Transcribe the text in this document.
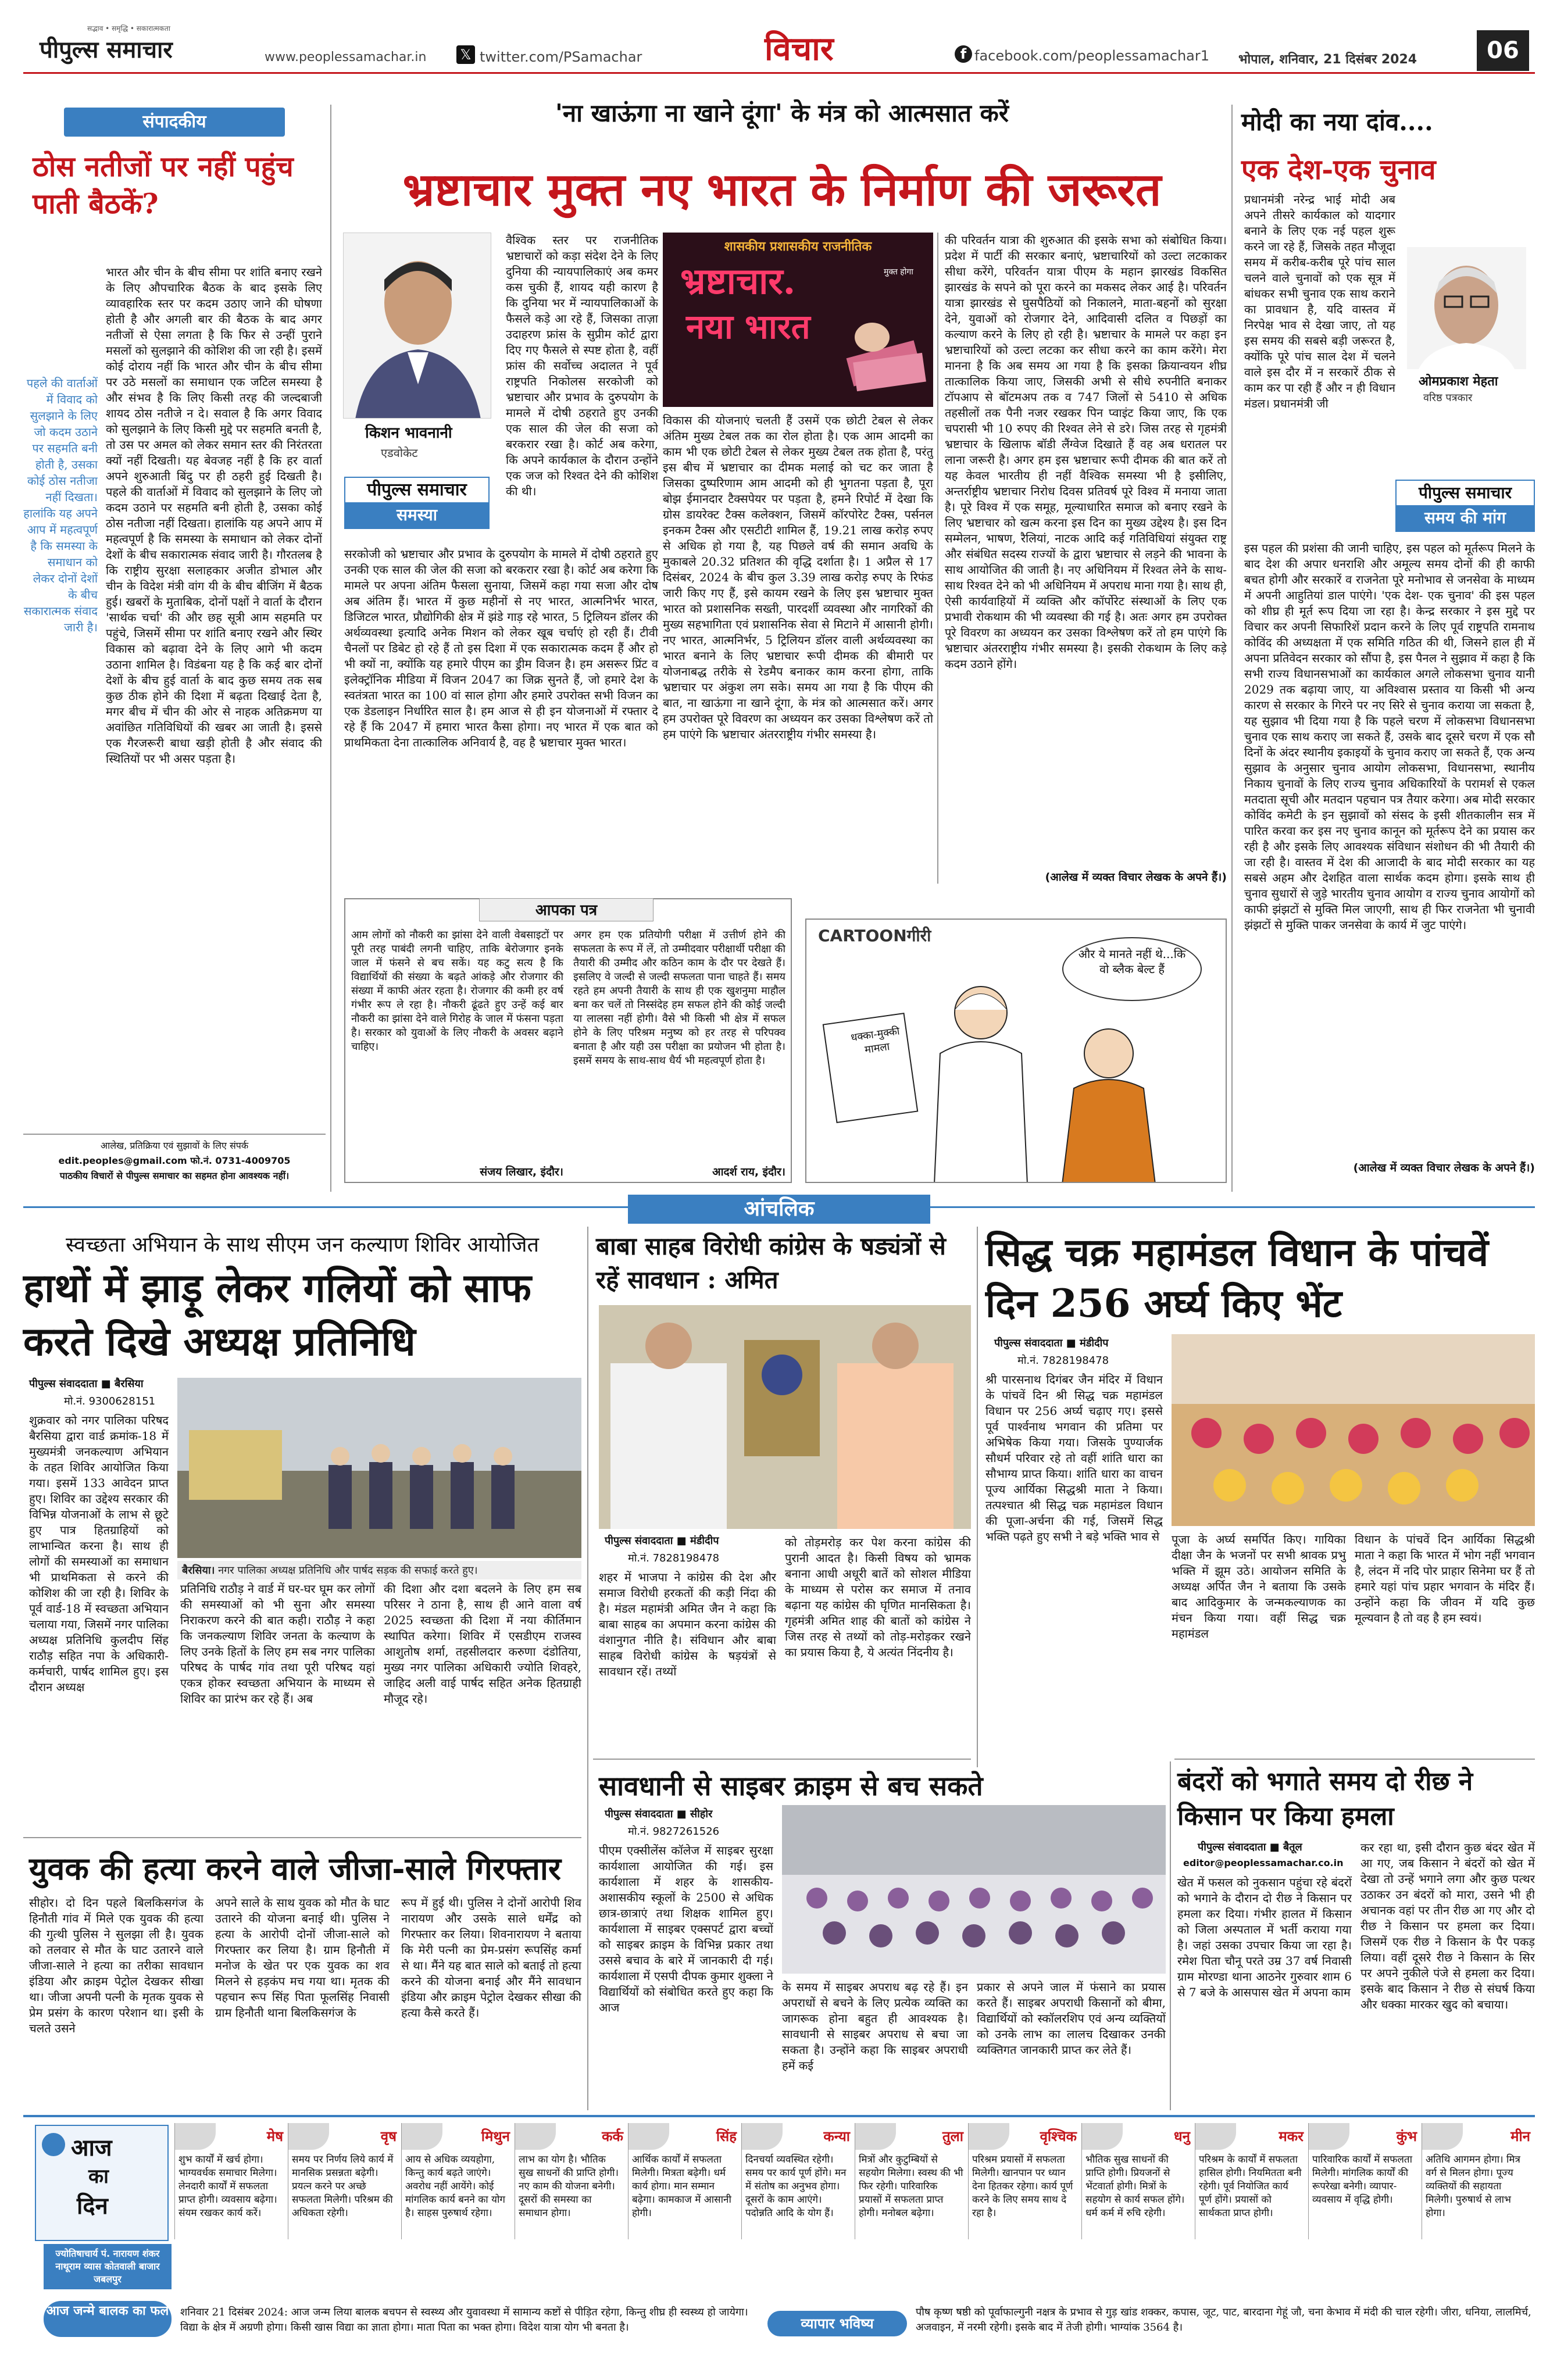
पीपुल्स समाचार
सद्भाव • समृद्धि • सकारात्मकता
www.peoplessamachar.in 𝕏 twitter.com/PSamachar	विचार	f facebook.com/peoplessamachar1 भोपाल, शनिवार, 21 दिसंबर 2024	06
संपादकीय
ठोस नतीजों पर नहीं पहुंच पाती बैठकें?
पहले की वार्ताओं में विवाद को सुलझाने के लिए जो कदम उठाने पर सहमति बनी होती है, उसका कोई ठोस नतीजा नहीं दिखता। हालांकि यह अपने आप में महत्वपूर्ण है कि समस्या के समाधान को लेकर दोनों देशों के बीच सकारात्मक संवाद जारी है।
भारत और चीन के बीच सीमा पर शांति बनाए रखने के लिए औपचारिक बैठक के बाद इसके लिए व्यावहारिक स्तर पर कदम उठाए जाने की घोषणा होती है और अगली बार की बैठक के बाद अगर नतीजों से ऐसा लगता है कि फिर से उन्हीं पुराने मसलों को सुलझाने की कोशिश की जा रही है। इसमें कोई दोराय नहीं कि भारत और चीन के बीच सीमा पर उठे मसलों का समाधान एक जटिल समस्या है और संभव है कि लिए किसी तरह की जल्दबाजी शायद ठोस नतीजे न दे। सवाल है कि अगर विवाद को सुलझाने के लिए किसी मुद्दे पर सहमति बनती है, तो उस पर अमल को लेकर समान स्तर की निरंतरता क्यों नहीं दिखती। यह बेवजह नहीं है कि हर वार्ता अपने शुरुआती बिंदु पर ही ठहरी हुई दिखती है। पहले की वार्ताओं में विवाद को सुलझाने के लिए जो कदम उठाने पर सहमति बनी होती है, उसका कोई ठोस नतीजा नहीं दिखता। हालांकि यह अपने आप में महत्वपूर्ण है कि समस्या के समाधान को लेकर दोनों देशों के बीच सकारात्मक संवाद जारी है। गौरतलब है कि राष्ट्रीय सुरक्षा सलाहकार अजीत डोभाल और चीन के विदेश मंत्री वांग यी के बीच बीजिंग में बैठक हुई। खबरों के मुताबिक, दोनों पक्षों ने वार्ता के दौरान 'सार्थक चर्चा' की और छह सूत्री आम सहमति पर पहुंचे, जिसमें सीमा पर शांति बनाए रखने और स्थिर विकास को बढ़ावा देने के लिए आगे भी कदम उठाना शामिल है। विडंबना यह है कि कई बार दोनों देशों के बीच हुई वार्ता के बाद कुछ समय तक सब कुछ ठीक होने की दिशा में बढ़ता दिखाई देता है, मगर बीच में चीन की ओर से नाहक अतिक्रमण या अवांछित गतिविधियों की खबर आ जाती है। इससे एक गैरजरूरी बाधा खड़ी होती है और संवाद की स्थितियों पर भी असर पड़ता है।
आलेख, प्रतिक्रिया एवं सुझावों के लिए संपर्क
edit.peoples@gmail.com फो.नं. 0731-4009705
पाठकीय विचारों से पीपुल्स समाचार का सहमत होना आवश्यक नहीं।
'ना खाऊंगा ना खाने दूंगा' के मंत्र को आत्मसात करें
भ्रष्टाचार मुक्त नए भारत के निर्माण की जरूरत
किशन भावनानी
एडवोकेट
पीपुल्स समाचार
समस्या
वैश्विक स्तर पर राजनीतिक भ्रष्टाचारों को कड़ा संदेश देने के लिए दुनिया की न्यायपालिकाएं अब कमर कस चुकी हैं, शायद यही कारण है कि दुनिया भर में न्यायपालिकाओं के फैसले कड़े आ रहे हैं, जिसका ताज़ा उदाहरण फ्रांस के सुप्रीम कोर्ट द्वारा दिए गए फैसले से स्पष्ट होता है, वहीं फ्रांस की सर्वोच्च अदालत ने पूर्व राष्ट्रपति निकोलस सरकोजी को भ्रष्टाचार और प्रभाव के दुरुपयोग के मामले में दोषी ठहराते हुए उनकी एक साल की जेल की सजा को बरकरार रखा है। कोर्ट अब करेगा, कि अपने कार्यकाल के दौरान उन्होंने एक जज को रिश्वत देने की कोशिश की थी।
सरकोजी को भ्रष्टाचार और प्रभाव के दुरुपयोग के मामले में दोषी ठहराते हुए उनकी एक साल की जेल की सजा को बरकरार रखा है। कोर्ट अब करेगा कि मामले पर अपना अंतिम फैसला सुनाया, जिसमें कहा गया सजा और दोष अब अंतिम हैं। भारत में कुछ महीनों से नए भारत, आत्मनिर्भर भारत, डिजिटल भारत, प्रौद्योगिकी क्षेत्र में झंडे गाड़ रहे भारत, 5 ट्रिलियन डॉलर की अर्थव्यवस्था इत्यादि अनेक मिशन को लेकर खूब चर्चाएं हो रही हैं। टीवी चैनलों पर डिबेट हो रहे हैं तो इस दिशा में एक सकारात्मक कदम हैं और हो भी क्यों ना, क्योंकि यह हमारे पीएम का ड्रीम विजन है। हम असरूर प्रिंट व इलेक्ट्रॉनिक मीडिया में विजन 2047 का जिक्र सुनते हैं, जो हमारे देश के स्वतंत्रता भारत का 100 वां साल होगा और हमारे उपरोक्त सभी विजन का एक डेडलाइन निर्धारित साल है। हम आज से ही इन योजनाओं में रफ्तार दे रहे हैं कि 2047 में हमारा भारत कैसा होगा। नए भारत में एक बात को प्राथमिकता देना तात्कालिक अनिवार्य है, वह है भ्रष्टाचार मुक्त भारत।
शासकीय प्रशासकीय राजनीतिक
भ्रष्टाचार.	मुक्त होगा
नया भारत
विकास की योजनाएं चलती हैं उसमें एक छोटी टेबल से लेकर अंतिम मुख्य टेबल तक का रोल होता है। एक आम आदमी का काम भी एक छोटी टेबल से लेकर मुख्य टेबल तक होता है, परंतु इस बीच में भ्रष्टाचार का दीमक मलाई को चट कर जाता है जिसका दुष्परिणाम आम आदमी को ही भुगतना पड़ता है, पूरा बोझ ईमानदार टैक्सपेयर पर पड़ता है, हमने रिपोर्ट में देखा कि ग्रोस डायरेक्ट टैक्स कलेक्शन, जिसमें कॉरपोरेट टैक्स, पर्सनल इनकम टैक्स और एसटीटी शामिल हैं, 19.21 लाख करोड़ रुपए से अधिक हो गया है, यह पिछले वर्ष की समान अवधि के मुकाबले 20.32 प्रतिशत की वृद्धि दर्शाता है। 1 अप्रैल से 17 दिसंबर, 2024 के बीच कुल 3.39 लाख करोड़ रुपए के रिफंड जारी किए गए हैं, इसे कायम रखने के लिए इस भ्रष्टाचार मुक्त भारत को प्रशासनिक सख्ती, पारदर्शी व्यवस्था और नागरिकों की मुख्य सहभागिता एवं प्रशासनिक सेवा से मिटाने में आसानी होगी। नए भारत, आत्मनिर्भर, 5 ट्रिलियन डॉलर वाली अर्थव्यवस्था का भारत बनाने के लिए भ्रष्टाचार रूपी दीमक की बीमारी पर योजनाबद्ध तरीके से रेडमैप बनाकर काम करना होगा, ताकि भ्रष्टाचार पर अंकुश लग सके। समय आ गया है कि पीएम की बात, ना खाऊंगा ना खाने दूंगा, के मंत्र को आत्मसात करें। अगर हम उपरोक्त पूरे विवरण का अध्ययन कर उसका विश्लेषण करें तो हम पाएंगे कि भ्रष्टाचार अंतरराष्ट्रीय गंभीर समस्या है।
की परिवर्तन यात्रा की शुरुआत की इसके सभा को संबोधित किया। प्रदेश में पार्टी की सरकार बनाएं, भ्रष्टाचारियों को उल्टा लटकाकर सीधा करेंगे, परिवर्तन यात्रा पीएम के महान झारखंड विकसित झारखंड के सपने को पूरा करने का मकसद लेकर आई है। परिवर्तन यात्रा झारखंड से घुसपैठियों को निकालने, माता-बहनों को सुरक्षा देने, युवाओं को रोजगार देने, आदिवासी दलित व पिछड़ों का कल्याण करने के लिए हो रही है। भ्रष्टाचार के मामले पर कहा इन भ्रष्टाचारियों को उल्टा लटका कर सीधा करने का काम करेंगे। मेरा मानना है कि अब समय आ गया है कि इसका क्रियान्वयन शीघ्र तात्कालिक किया जाए, जिसकी अभी से सीधे रुपनीति बनाकर टॉपआप से बॉटमअप तक व 747 जिलों से 5410 से अधिक तहसीलों तक पैनी नजर रखकर पिन प्वाइंट किया जाए, कि एक चपरासी भी 10 रुपए की रिश्वत लेने से डरे। जिस तरह से गृहमंत्री भ्रष्टाचार के खिलाफ बॉडी लैंग्वेज दिखाते हैं वह अब धरातल पर लाना जरूरी है। अगर हम इस भ्रष्टाचार रूपी दीमक की बात करें तो यह केवल भारतीय ही नहीं वैश्विक समस्या भी है इसीलिए, अन्तर्राष्ट्रीय भ्रष्टाचार निरोध दिवस प्रतिवर्ष पूरे विश्व में मनाया जाता है। पूरे विश्व में एक समूह, मूल्याधारित समाज को बनाए रखने के लिए भ्रष्टाचार को खत्म करना इस दिन का मुख्य उद्देश्य है। इस दिन सम्मेलन, भाषण, रैलियां, नाटक आदि कई गतिविधियां संयुक्त राष्ट्र और संबंधित सदस्य राज्यों के द्वारा भ्रष्टाचार से लड़ने की भावना के साथ आयोजित की जाती है। नए अधिनियम में रिश्वत लेने के साथ-साथ रिश्वत देने को भी अधिनियम में अपराध माना गया है। साथ ही, ऐसी कार्यवाहियों में व्यक्ति और कॉर्पोरेट संस्थाओं के लिए एक प्रभावी रोकथाम की भी व्यवस्था की गई है। अतः अगर हम उपरोक्त पूरे विवरण का अध्ययन कर उसका विश्लेषण करें तो हम पाएंगे कि भ्रष्टाचार अंतरराष्ट्रीय गंभीर समस्या है। इसकी रोकथाम के लिए कड़े कदम उठाने होंगे।
(आलेख में व्यक्त विचार लेखक के अपने हैं।)
आपका पत्र
आम लोगों को नौकरी का झांसा देने वाली वेबसाइटों पर पूरी तरह पाबंदी लगनी चाहिए, ताकि बेरोजगार इनके जाल में फंसने से बच सकें। यह कटु सत्य है कि विद्यार्थियों की संख्या के बढ़ते आंकड़े और रोजगार की संख्या में काफी अंतर रहता है। रोजगार की कमी हर वर्ष गंभीर रूप ले रहा है। नौकरी ढूंढते हुए उन्हें कई बार नौकरी का झांसा देने वाले गिरोह के जाल में फंसना पड़ता है। सरकार को युवाओं के लिए नौकरी के अवसर बढ़ाने चाहिए।
संजय लिखार, इंदौर।
अगर हम एक प्रतियोगी परीक्षा में उत्तीर्ण होने की सफलता के रूप में लें, तो उम्मीदवार परीक्षार्थी परीक्षा की तैयारी की उम्मीद और कठिन काम के दौर पर देखते हैं। इसलिए वे जल्दी से जल्दी सफलता पाना चाहते हैं। समय रहते हम अपनी तैयारी के साथ ही एक खुशनुमा माहौल बना कर चलें तो निस्संदेह हम सफल होने की कोई जल्दी या लालसा नहीं होगी। वैसे भी किसी भी क्षेत्र में सफल होने के लिए परिश्रम मनुष्य को हर तरह से परिपक्व बनाता है और यही उस परीक्षा का प्रयोजन भी होता है। इसमें समय के साथ-साथ धैर्य भी महत्वपूर्ण होता है।
आदर्श राय, इंदौर।
CARTOONगीरी
और ये मानते नहीं थे...कि वो ब्लैक बेल्ट हैं
धक्का-मुक्की मामला
मोदी का नया दांव....
एक देश-एक चुनाव
प्रधानमंत्री नरेन्द्र भाई मोदी अब अपने तीसरे कार्यकाल को यादगार बनाने के लिए एक नई पहल शुरू करने जा रहे हैं, जिसके तहत मौजूदा समय में करीब-करीब पूरे पांच साल चलने वाले चुनावों को एक सूत्र में बांधकर सभी चुनाव एक साथ कराने का प्रावधान है, यदि वास्तव में निरपेक्ष भाव से देखा जाए, तो यह इस समय की सबसे बड़ी जरूरत है, क्योंकि पूरे पांच साल देश में चलने वाले इस दौर में न सरकारें ठीक से काम कर पा रही हैं और न ही विधान मंडल। प्रधानमंत्री जी
ओमप्रकाश मेहता
वरिष्ठ पत्रकार
पीपुल्स समाचार
समय की मांग
इस पहल की प्रशंसा की जानी चाहिए, इस पहल को मूर्तरूप मिलने के बाद देश की अपार धनराशि और अमूल्य समय दोनों की ही काफी बचत होगी और सरकारें व राजनेता पूरे मनोभाव से जनसेवा के माध्यम में अपनी आहुतियां डाल पाएंगे। 'एक देश- एक चुनाव' की इस पहल को शीघ्र ही मूर्त रूप दिया जा रहा है। केन्द्र सरकार ने इस मुद्दे पर विचार कर अपनी सिफारिशें प्रदान करने के लिए पूर्व राष्ट्रपति रामनाथ कोविंद की अध्यक्षता में एक समिति गठित की थी, जिसने हाल ही में अपना प्रतिवेदन सरकार को सौंपा है, इस पैनल ने सुझाव में कहा है कि सभी राज्य विधानसभाओं का कार्यकाल अगले लोकसभा चुनाव यानी 2029 तक बढ़ाया जाए, या अविश्वास प्रस्ताव या किसी भी अन्य कारण से सरकार के गिरने पर नए सिरे से चुनाव कराया जा सकता है, यह सुझाव भी दिया गया है कि पहले चरण में लोकसभा विधानसभा चुनाव एक साथ कराए जा सकते हैं, उसके बाद दूसरे चरण में एक सौ दिनों के अंदर स्थानीय इकाइयों के चुनाव कराए जा सकते हैं, एक अन्य सुझाव के अनुसार चुनाव आयोग लोकसभा, विधानसभा, स्थानीय निकाय चुनावों के लिए राज्य चुनाव अधिकारियों के परामर्श से एकल मतदाता सूची और मतदान पहचान पत्र तैयार करेगा। अब मोदी सरकार कोविंद कमेटी के इन सुझावों को संसद के इसी शीतकालीन सत्र में पारित करवा कर इस नए चुनाव कानून को मूर्तरूप देने का प्रयास कर रही है और इसके लिए आवश्यक संविधान संशोधन की भी तैयारी की जा रही है। वास्तव में देश की आजादी के बाद मोदी सरकार का यह सबसे अहम और देशहित वाला सार्थक कदम होगा। इसके साथ ही चुनाव सुधारों से जुड़े भारतीय चुनाव आयोग व राज्य चुनाव आयोगों को काफी झंझटों से मुक्ति मिल जाएगी, साथ ही फिर राजनेता भी चुनावी झंझटों से मुक्ति पाकर जनसेवा के कार्य में जुट पाएंगे।
(आलेख में व्यक्त विचार लेखक के अपने हैं।)
आंचलिक
स्वच्छता अभियान के साथ सीएम जन कल्याण शिविर आयोजित
हाथों में झाड़ू लेकर गलियों को साफ करते दिखे अध्यक्ष प्रतिनिधि
पीपुल्स संवाददाता ■ बैरसिया
मो.नं. 9300628151
शुक्रवार को नगर पालिका परिषद बैरसिया द्वारा वार्ड क्रमांक-18 में मुख्यमंत्री जनकल्याण अभियान के तहत शिविर आयोजित किया गया। इसमें 133 आवेदन प्राप्त हुए। शिविर का उद्देश्य सरकार की विभिन्न योजनाओं के लाभ से छूटे हुए पात्र हितग्राहियों को लाभान्वित करना है। साथ ही लोगों की समस्याओं का समाधान भी प्राथमिकता से करने की कोशिश की जा रही है। शिविर के पूर्व वार्ड-18 में स्वच्छता अभियान चलाया गया, जिसमें नगर पालिका अध्यक्ष प्रतिनिधि कुलदीप सिंह राठौड़ सहित नपा के अधिकारी-कर्मचारी, पार्षद शामिल हुए। इस दौरान अध्यक्ष
बैरसिया। नगर पालिका अध्यक्ष प्रतिनिधि और पार्षद सड़क की सफाई करते हुए।
प्रतिनिधि राठौड़ ने वार्ड में घर-घर घूम कर लोगों की समस्याओं को भी सुना और समस्या निराकरण करने की बात कही। राठौड़ ने कहा कि जनकल्याण शिविर जनता के कल्याण के लिए उनके हितों के लिए हम सब नगर पालिका परिषद के पार्षद गांव तथा पूरी परिषद यहां एकत्र होकर स्वच्छता अभियान के माध्यम से शिविर का प्रारंभ कर रहे हैं। अब
की दिशा और दशा बदलने के लिए हम सब परिसर ने ठाना है, साथ ही आने वाला वर्ष 2025 स्वच्छता की दिशा में नया कीर्तिमान स्थापित करेगा। शिविर में एसडीएम राजस्व आशुतोष शर्मा, तहसीलदार करुणा दंडोतिया, मुख्य नगर पालिका अधिकारी ज्योति शिवहरे, जाहिद अली वाई पार्षद सहित अनेक हितग्राही मौजूद रहे।
युवक की हत्या करने वाले जीजा-साले गिरफ्तार
सीहोर। दो दिन पहले बिलकिसगंज के हिनौती गांव में मिले एक युवक की हत्या की गुत्थी पुलिस ने सुलझा ली है। युवक को तलवार से मौत के घाट उतारने वाले जीजा-साले ने हत्या का तरीका सावधान इंडिया और क्राइम पेट्रोल देखकर सीखा था। जीजा अपनी पत्नी के मृतक युवक से प्रेम प्रसंग के कारण परेशान था। इसी के चलते उसने
अपने साले के साथ युवक को मौत के घाट उतारने की योजना बनाई थी। पुलिस ने हत्या के आरोपी दोनों जीजा-साले को गिरफ्तार कर लिया है। ग्राम हिनौती में मनोज के खेत पर एक युवक का शव मिलने से हड़कंप मच गया था। मृतक की पहचान रूप सिंह पिता फूलसिंह निवासी ग्राम हिनौती थाना बिलकिसगंज के
रूप में हुई थी। पुलिस ने दोनों आरोपी शिव नारायण और उसके साले धर्मेंद्र को गिरफ्तार कर लिया। शिवनारायण ने बताया कि मेरी पत्नी का प्रेम-प्रसंग रूपसिंह कर्मा से था। मैंने यह बात साले को बताई तो हत्या करने की योजना बनाई और मैंने सावधान इंडिया और क्राइम पेट्रोल देखकर सीखा की हत्या कैसे करते हैं।
बाबा साहब विरोधी कांग्रेस के षड्यंत्रों से रहें सावधान : अमित
पीपुल्स संवाददाता ■ मंडीदीप
मो.नं. 7828198478
शहर में भाजपा ने कांग्रेस की देश और समाज विरोधी हरकतों की कड़ी निंदा की है। मंडल महामंत्री अमित जैन ने कहा कि बाबा साहब का अपमान करना कांग्रेस की वंशानुगत नीति है। संविधान और बाबा साहब विरोधी कांग्रेस के षड़यंत्रों से सावधान रहें। तथ्यों
को तोड़मरोड़ कर पेश करना कांग्रेस की पुरानी आदत है। किसी विषय को भ्रामक बनाना आधी अधूरी बातें को सोशल मीडिया के माध्यम से परोस कर समाज में तनाव बढ़ाना यह कांग्रेस की घृणित मानसिकता है। गृहमंत्री अमित शाह की बातों को कांग्रेस ने जिस तरह से तथ्यों को तोड़-मरोड़कर रखने का प्रयास किया है, ये अत्यंत निंदनीय है।
सावधानी से साइबर क्राइम से बच सकते
पीपुल्स संवाददाता ■ सीहोर
मो.नं. 9827261526
पीएम एक्सीलेंस कॉलेज में साइबर सुरक्षा कार्यशाला आयोजित की गई। इस कार्यशाला में शहर के शासकीय-अशासकीय स्कूलों के 2500 से अधिक छात्र-छात्राएं तथा शिक्षक शामिल हुए। कार्यशाला में साइबर एक्सपर्ट द्वारा बच्चों को साइबर क्राइम के विभिन्न प्रकार तथा उससे बचाव के बारे में जानकारी दी गई। कार्यशाला में एसपी दीपक कुमार शुक्ला ने विद्यार्थियों को संबोधित करते हुए कहा कि आज
के समय में साइबर अपराध बढ़ रहे हैं। इन अपराधों से बचने के लिए प्रत्येक व्यक्ति का जागरूक होना बहुत ही आवश्यक है। सावधानी से साइबर अपराध से बचा जा सकता है। उन्होंने कहा कि साइबर अपराधी हमें कई
प्रकार से अपने जाल में फंसाने का प्रयास करते हैं। साइबर अपराधी किसानों को बीमा, विद्यार्थियों को स्कॉलरशिप एवं अन्य व्यक्तियों को उनके लाभ का लालच दिखाकर उनकी व्यक्तिगत जानकारी प्राप्त कर लेते हैं।
सिद्ध चक्र महामंडल विधान के पांचवें दिन 256 अर्घ्य किए भेंट
पीपुल्स संवाददाता ■ मंडीदीप
मो.नं. 7828198478
श्री पारसनाथ दिगंबर जैन मंदिर में विधान के पांचवें दिन श्री सिद्ध चक्र महामंडल विधान पर 256 अर्घ्य चढ़ाए गए। इससे पूर्व पार्श्वनाथ भगवान की प्रतिमा पर अभिषेक किया गया। जिसके पुण्यार्जक सौधर्म परिवार रहे तो वहीं शांति धारा का सौभाग्य प्राप्त किया। शांति धारा का वाचन पूज्य आर्यिका सिद्धश्री माता ने किया। तत्पश्चात श्री सिद्ध चक्र महामंडल विधान की पूजा-अर्चना की गई, जिसमें सिद्ध भक्ति पढ़ते हुए सभी ने बड़े भक्ति भाव से पूजा के अर्घ्य समर्पित किए। गायिका दीक्षा जैन के भजनों पर सभी श्रावक प्रभु भक्ति में झूम उठे। आयोजन समिति के अध्यक्ष अर्पित जैन ने बताया कि उसके बाद आदिकुमार के जन्मकल्याणक का मंचन किया गया। वहीं सिद्ध चक्र महामंडल
विधान के पांचवें दिन आर्यिका सिद्धश्री माता ने कहा कि भारत में भोग नहीं भगवान है, लंदन में नदि पोर प्राहार सिनेमा घर हैं तो हमारे यहां पांच प्रहार भगवान के मंदिर हैं। उन्होंने कहा कि जीवन में यदि कुछ मूल्यवान है तो वह है हम स्वयं।
बंदरों को भगाते समय दो रीछ ने किसान पर किया हमला
पीपुल्स संवाददाता ■ बैतूल
editor@peoplessamachar.co.in
खेत में फसल को नुकसान पहुंचा रहे बंदरों को भगाने के दौरान दो रीछ ने किसान पर हमला कर दिया। गंभीर हालत में किसान को जिला अस्पताल में भर्ती कराया गया है। जहां उसका उपचार किया जा रहा है। रमेश पिता चौनू परते उम्र 37 वर्ष निवासी ग्राम मोरण्डा थाना आठनेर गुरुवार शाम 6 से 7 बजे के आसपास खेत में अपना काम
कर रहा था, इसी दौरान कुछ बंदर खेत में आ गए, जब किसान ने बंदरों को खेत में देखा तो उन्हें भगाने लगा और कुछ पत्थर उठाकर उन बंदरों को मारा, उसने भी ही अचानक वहां पर तीन रीछ आ गए और दो रीछ ने किसान पर हमला कर दिया। जिसमें एक रीछ ने किसान के पैर पकड़ लिया। वहीं दूसरे रीछ ने किसान के सिर पर अपने नुकीले पंजे से हमला कर दिया। इसके बाद किसान ने रीछ से संघर्ष किया और धक्का मारकर खुद को बचाया।
आज
का
दिन
ज्योतिषाचार्य पं. नारायण शंकर नाथूराम व्यास कोतवाली बाजार जबलपुर
मेष
शुभ कार्यों में खर्च होगा। भाग्यवर्धक समाचार मिलेगा। लेनदारी कार्यों में सफलता प्राप्त होगी। व्यवसाय बढ़ेगा। संयम रखकर कार्य करें।
वृष
समय पर निर्णय लिये कार्य में मानसिक प्रसन्नता बढ़ेगी। प्रयत्न करने पर अच्छे सफलता मिलेगी। परिश्रम की अधिकता रहेगी।
मिथुन
आय से अधिक व्ययहोगा, किन्तु कार्य बढ़ते जाएंगे। अवरोध नहीं आयेंगे। कोई मांगलिक कार्य बनने का योग है। साहस पुरुषार्थ रहेगा।
कर्क
लाभ का योग है। भौतिक सुख साधनों की प्राप्ति होगी। नए काम की योजना बनेगी। दूसरों की समस्या का समाधान होगा।
सिंह
आर्थिक कार्यों में सफलता मिलेगी। मित्रता बढ़ेगी। धर्म कार्य होगा। मान सम्मान बढ़ेगा। कामकाज में आसानी होगी।
कन्या
दिनचर्या व्यवस्थित रहेगी। समय पर कार्य पूर्ण होंगे। मन में संतोष का अनुभव होगा। दूसरों के काम आएंगे। पदोन्नति आदि के योग हैं।
तुला
मित्रों और कुटुम्बियों से सहयोग मिलेगा। स्वस्थ की भी फिर रहेगी। पारिवारिक प्रयासों में सफलता प्राप्त होगी। मनोबल बढ़ेगा।
वृश्चिक
परिश्रम प्रयासों में सफलता मिलेगी। खानपान पर ध्यान देना हितकर रहेगा। कार्य पूर्ण करने के लिए समय साथ दे रहा है।
धनु
भौतिक सुख साधनों की प्राप्ति होगी। प्रियजनों से भेंटवार्ता होगी। मित्रों के सहयोग से कार्य सफल होंगे। धर्म कर्म में रुचि रहेगी।
मकर
परिश्रम के कार्यों में सफलता हासिल होगी। नियमितता बनी रहेगी। पूर्व नियोजित कार्य पूर्ण होंगे। प्रयासों को सार्थकता प्राप्त होगी।
कुंभ
पारिवारिक कार्यों में सफलता मिलेगी। मांगलिक कार्यों की रूपरेखा बनेगी। व्यापार-व्यवसाय में वृद्धि होगी।
मीन
अतिथि आगमन होगा। मित्र वर्ग से मिलन होगा। पूज्य व्यक्तियों की सहायता मिलेगी। पुरुषार्थ से लाभ होगा।
आज जन्मे बालक का फल शनिवार 21 दिसंबर 2024: आज जन्म लिया बालक बचपन से स्वस्थ्य और युवावस्था में सामान्य कष्टों से पीड़ित रहेगा, किन्तु शीघ्र ही स्वस्थ्य हो जायेगा। विद्या के क्षेत्र में अग्रणी होगा। किसी खास विद्या का ज्ञाता होगा। माता पिता का भक्त होगा। विदेश यात्रा योग भी बनता है।	व्यापार भविष्य
पौष कृष्ण षष्ठी को पूर्वाफाल्गुनी नक्षत्र के प्रभाव से गुड़ खांड शक्कर, कपास, जूट, पाट, बारदाना गेहूं जौ, चना केभाव में मंदी की चाल रहेगी। जीरा, धनिया, लालमिर्च, अजवाइन, में नरमी रहेगी। इसके बाद में तेजी होगी। भाग्यांक 3564 है।
